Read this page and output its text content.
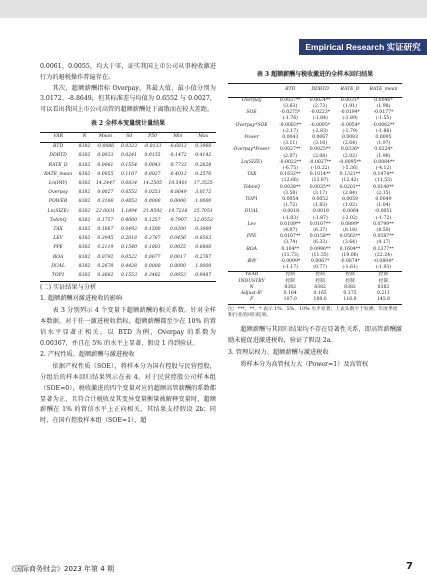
Empirical Research 实证研究

0.0061、0.0055，均大于零，证实我国上市公司从事税收激进行为的避税操作普遍存在。

其次，超额薪酬指标 Overpay，其最大值、最小值分别为 3.0172、-8.8649，但其标准差与均值为 0.6552 与 0.0027，可以看出我国上市公司高管的超额薪酬处于离散而在较大差距。

表 2 全样本变量统计量结果
VAR	N	Mean	Sd	P50	Min	Max
BTD	8382	-0.0086	0.0323	-0.0133	-0.6813	0.3966
DDBTD	8382	0.0033	0.0241	0.0155	-0.1472	0.4142
RATE_D	8382	0.0061	0.1554	0.0043	-0.7733	0.2628
RATE_mean	8382	0.0055	0.1107	0.0027	-0.4013	0.2576
Ln(PAY)	8382	14.2447	0.6834	14.2505	10.5401	17.3525
Overpay	8382	0.0027	0.6552	0.0253	-8.8649	3.0172
POWER	8382	0.3166	0.4853	0.0000	0.0000	1.0000
Ln(SIZE)	8382	22.0031	1.1894	21.8592	19.7218	25.7051
TobinQ	8382	0.1757	0.4000	0.1257	-0.7907	12.0553
TAX	8382	0.1867	0.0492	0.1500	0.0200	0.3000
LEV	8382	0.3945	0.2018	0.3787	0.0456	0.8563
PPE	8382	0.2119	0.1540	0.1803	0.0025	0.6866
ROA	8382	0.0792	0.0522	0.0677	0.0017	0.2787
DUAL	8382	0.2678	0.4428	0.0000	0.0000	1.0000
TOP1	8382	0.3682	0.1553	0.3482	0.0953	0.9487

(二) 实证结果与分析

1. 超额薪酬对激进税收的影响

表 3 分别列示 4 个变量下超额薪酬的相关系数。针对全样本数据，对于任一激进税收指标，超额薪酬都至少在 10% 的置信水平显著正相关，以 BTD 为例，Overpay 的系数为 0.00367，并且在 5% 的水平上显著，假设 1 得到验证。

2. 产权性质、超额薪酬与激进税收

依据产权性质（SOE），将样本分为国有控股与民营控股，分组后的样本回归结果列示在表 4。对于民营控股公司样本组（SOE=0），税收激进的四个变量对应的超额高管薪酬的系数都显著为正，且符合计税收及其变异变量衡量被解释变量时，超额薪酬在 1% 的置信水平上正向相关，其结果支持假设 2b；同时，在国有控股样本组（SOE=1），超

表 3 超额薪酬与税收激进的全样本回归结果
	BTD	DDBTD	RATE_D	RATE_mean
Overpay	0.0037**	0.0024**	0.0031*	0.0046*
	(3.63)	(2.73)	(1.91)	(1.98)
SOE	-0.0275*	-0.0223*	-0.0194*	-0.0177*
	(-1.76)	(-1.84)	(-1.89)	(-1.55)
Overpay*SOE	-0.0083**	-0.0095*	-0.0054*	-0.0062**
	(-2.17)	(-2.83)	(-1.79)	(-1.86)
Power	0.0043	0.0067	0.0083	0.0095
	(3.11)	(3.16)	(2.64)	(1.97)
Overpay*Power	0.0027**	0.0025**	0.0336*	0.0224*
	(2.07)	(2.08)	(2.02)	(1.96)
Ln(SIZE)	-0.0022**	-0.0027**	-0.0095**	-0.0084**
	(-6.75)	(-10.22)	(-5.36)	(-4.12)
TAX	0.1632**	0.1014**	0.1321**	0.1474**
	(12.66)	(13.87)	(12.42)	(11.53)
TobinQ	0.0038**	0.0035**	0.0201**	0.0140**
	(3.58)	(3.17)	(2.84)	(2.15)
TOP1	0.0054	0.0052	0.0059	0.0049
	(1.72)	(1.83)	(1.02)	(1.04)
DUAL	-0.0018	-0.0018	-0.0064	-0.0051
	(-1.83)	(-1.87)	(-2.02)	(-1.72)
Lev	0.0109**	0.0107**	0.0899*	0.0799**
	(4.07)	(6.37)	(8.18)	(8.50)
PPE	0.0107**	0.0158**	0.0563**	0.0587**
	(3.74)	(6.33)	(3.64)	(4.17)
ROA	0.104**	0.0996**	0.1604**	0.1377**
	(11.73)	(11.55)	(19.06)	(22.24)
截距	-0.0099*	0.0067*	-0.0874*	-0.0804*
	(-1.17)	(0.77)	(-1.61)	(-1.93)
YEAR	控制	控制	控制	控制
INDUSTRY	控制	控制	控制	控制
N	8382	8382	8382	8382
Adjust-R²	0.164	0.165	0.175	0.211
F	107.0	108.0	116.0	145.8
注：***、**、* 表示 1%、5%、10% 水平显著；上表头数字于检测，年度季度和行业的回归结果。

超额薪酬与其回归结果均不存在显著性关系，即高管薪酬激励未能促进激进税收，验证了假设 2a。

3. 管理层权力、超额薪酬与激进税收

将样本分为高管权力大（Power=1）及高管权

《国际商务财会》2023 年第 4 期	7
